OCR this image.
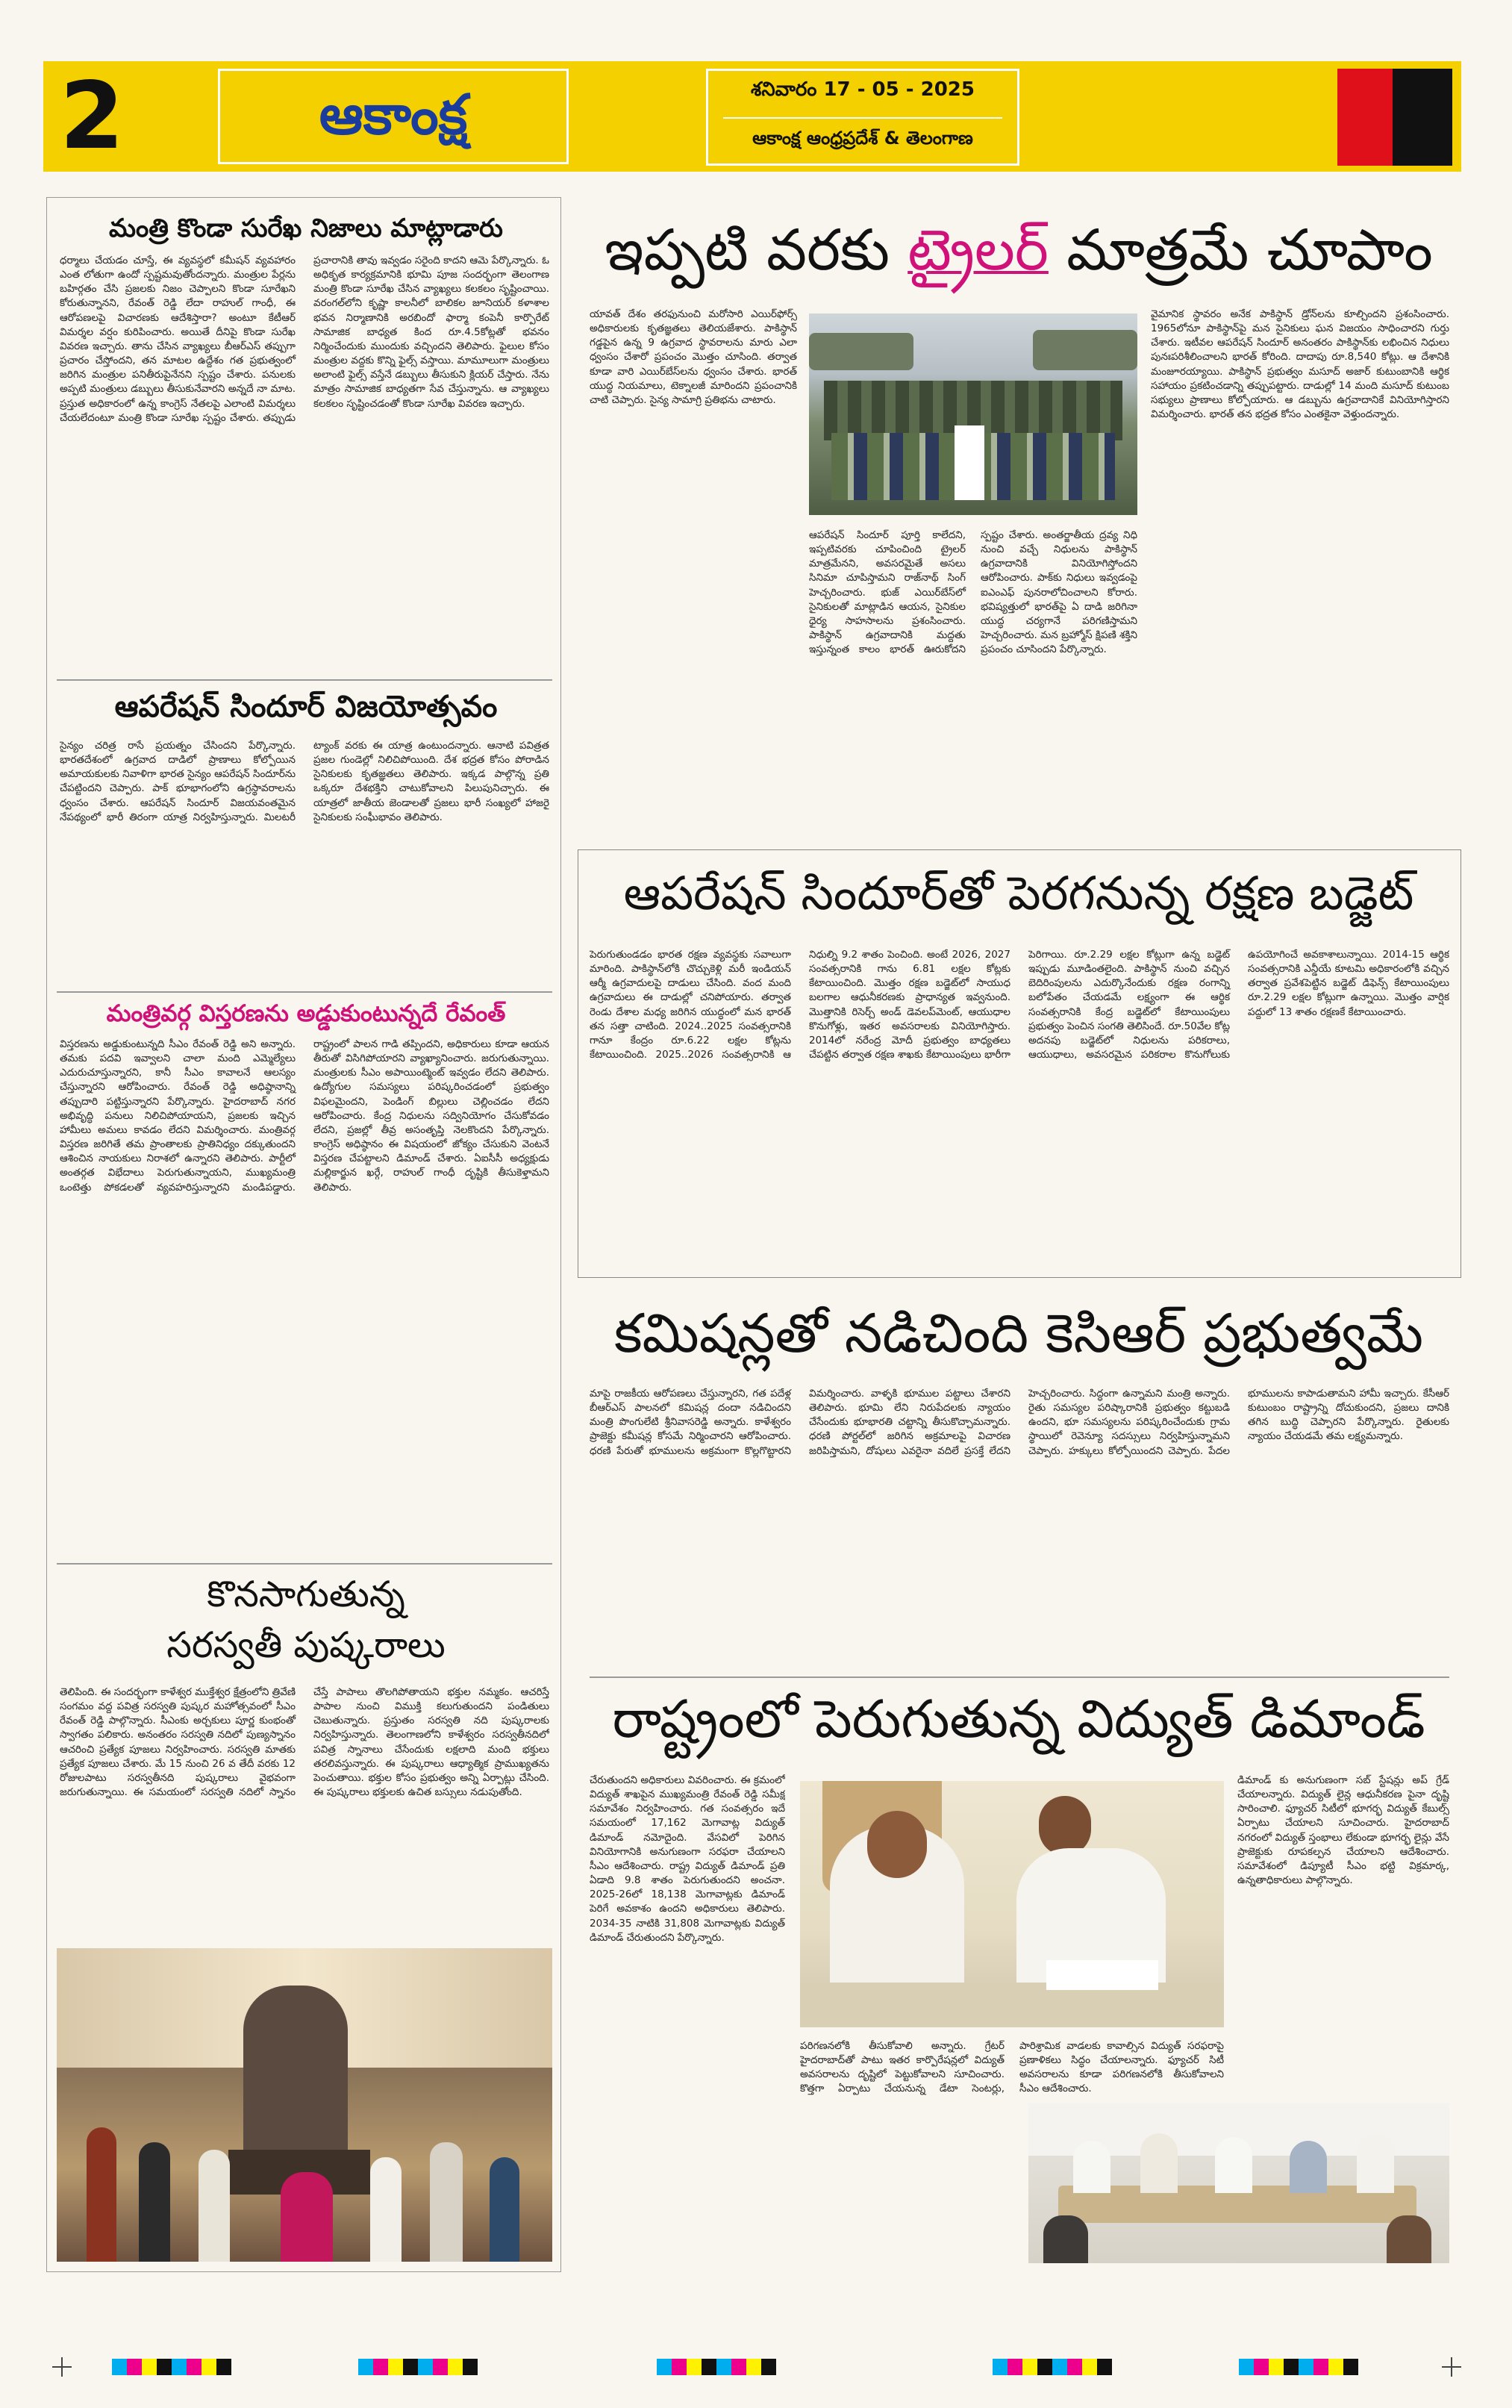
2	ఆకాంక్ష	శనివారం 17 - 05 - 2025
ఆకాంక్ష ఆంధ్రప్రదేశ్ & తెలంగాణ
మంత్రి కొండా సురేఖ నిజాలు మాట్లాడారు
ధర్మాలు చేయడం చూస్తే, ఈ వ్యవస్థలో కమీషన్ వ్యవహారం ఎంత లోతుగా ఉందో స్పష్టమవుతోందన్నారు. మంత్రుల పేర్లను బహిర్గతం చేసి ప్రజలకు నిజం చెప్పాలని కొండా సూరేఖని కోరుతున్నానని, రేవంత్ రెడ్డి లేదా రాహుల్ గాంధీ, ఈ ఆరోపణలపై విచారణకు ఆదేశిస్తారా? అంటూ కేటీఆర్ విమర్శల వర్షం కురిపించారు. అయితే దీనిపై కొండా సురేఖ వివరణ ఇచ్చారు. తాను చేసిన వ్యాఖ్యలు బీఆర్ఎస్ తప్పుగా ప్రచారం చేస్తోందని, తన మాటల ఉద్దేశం గత ప్రభుత్వంలో జరిగిన మంత్రుల పనితీరుపైనేనని స్పష్టం చేశారు. పనులకు అప్పటి మంత్రులు డబ్బులు తీసుకునేవారని అన్నదే నా మాట. ప్రస్తుత అధికారంలో ఉన్న కాంగ్రెస్ నేతలపై ఎలాంటి విమర్శలు చేయలేదంటూ మంత్రి కొండా సూరేఖ స్పష్టం చేశారు. తప్పుడు ప్రచారానికి తావు ఇవ్వడం సరైంది కాదని ఆమె పేర్కొన్నారు. ఓ అధికృత కార్యక్రమానికి భూమి పూజ సందర్భంగా తెలంగాణ మంత్రి కొండా సూరేఖ చేసిన వ్యాఖ్యలు కలకలం సృష్టించాయి. వరంగల్‌లోని కృష్ణా కాలనీలో బాలికల జూనియర్ కళాశాల భవన నిర్మాణానికి అరబిందో ఫార్మా కంపెనీ కార్పొరేట్ సామాజిక బాధ్యత కింద రూ.4.5కోట్లతో భవనం నిర్మించేందుకు ముందుకు వచ్చిందని తెలిపారు. ఫైలుల కోసం మంత్రుల వద్దకు కొన్ని ఫైల్స్ వస్తాయి. మామూలుగా మంత్రులు అలాంటి ఫైల్స్ వస్తేనే డబ్బులు తీసుకుని క్లియర్ చేస్తారు. నేను మాత్రం సామాజిక బాధ్యతగా సేవ చేస్తున్నాను. ఆ వ్యాఖ్యలు కలకలం సృష్టించడంతో కొండా సూరేఖ వివరణ ఇచ్చారు.
ఆపరేషన్ సిందూర్ విజయోత్సవం
సైన్యం చరిత్ర రాసే ప్రయత్నం చేసిందని పేర్కొన్నారు. భారతదేశంలో ఉగ్రవాద దాడిలో ప్రాణాలు కోల్పోయిన అమాయకులకు నివాళిగా భారత సైన్యం ఆపరేషన్ సిందూర్‌ను చేపట్టిందని చెప్పారు. పాక్ భూభాగంలోని ఉగ్రస్థావరాలను ధ్వంసం చేశారు. ఆపరేషన్ సిందూర్ విజయవంతమైన నేపథ్యంలో భారీ తిరంగా యాత్ర నిర్వహిస్తున్నారు. మిలటరీ ట్యాంక్ వరకు ఈ యాత్ర ఉంటుందన్నారు. ఆనాటి పవిత్రత ప్రజల గుండెల్లో నిలిచిపోయింది. దేశ భద్రత కోసం పోరాడిన సైనికులకు కృతజ్ఞతలు తెలిపారు. ఇక్కడ పాల్గొన్న ప్రతి ఒక్కరూ దేశభక్తిని చాటుకోవాలని పిలుపునిచ్చారు. ఈ యాత్రలో జాతీయ జెండాలతో ప్రజలు భారీ సంఖ్యలో హాజరై సైనికులకు సంఘీభావం తెలిపారు.
మంత్రివర్గ విస్తరణను అడ్డుకుంటున్నదే రేవంత్
విస్తరణను అడ్డుకుంటున్నది సీఎం రేవంత్ రెడ్డి అని అన్నారు. తమకు పదవి ఇవ్వాలని చాలా మంది ఎమ్మెల్యేలు ఎదురుచూస్తున్నారని, కానీ సీఎం కావాలనే ఆలస్యం చేస్తున్నారని ఆరోపించారు. రేవంత్ రెడ్డి అధిష్ఠానాన్ని తప్పుదారి పట్టిస్తున్నారని పేర్కొన్నారు. హైదరాబాద్ నగర అభివృద్ధి పనులు నిలిచిపోయాయని, ప్రజలకు ఇచ్చిన హామీలు అమలు కావడం లేదని విమర్శించారు. మంత్రివర్గ విస్తరణ జరిగితే తమ ప్రాంతాలకు ప్రాతినిధ్యం దక్కుతుందని ఆశించిన నాయకులు నిరాశలో ఉన్నారని తెలిపారు. పార్టీలో అంతర్గత విభేదాలు పెరుగుతున్నాయని, ముఖ్యమంత్రి ఒంటెత్తు పోకడలతో వ్యవహరిస్తున్నారని మండిపడ్డారు. రాష్ట్రంలో పాలన గాడి తప్పిందని, అధికారులు కూడా ఆయన తీరుతో విసిగిపోయారని వ్యాఖ్యానించారు. జరుగుతున్నాయి. మంత్రులకు సీఎం అపాయింట్మెంట్ ఇవ్వడం లేదని తెలిపారు. ఉద్యోగుల సమస్యలు పరిష్కరించడంలో ప్రభుత్వం విఫలమైందని, పెండింగ్ బిల్లులు చెల్లించడం లేదని ఆరోపించారు. కేంద్ర నిధులను సద్వినియోగం చేసుకోవడం లేదని, ప్రజల్లో తీవ్ర అసంతృప్తి నెలకొందని పేర్కొన్నారు. కాంగ్రెస్ అధిష్ఠానం ఈ విషయంలో జోక్యం చేసుకుని వెంటనే విస్తరణ చేపట్టాలని డిమాండ్ చేశారు. ఏఐసీసీ అధ్యక్షుడు మల్లికార్జున ఖర్గే, రాహుల్ గాంధీ దృష్టికి తీసుకెళ్తామని తెలిపారు.
కొనసాగుతున్న
సరస్వతీ పుష్కరాలు
తెలిపింది. ఈ సందర్భంగా కాళేశ్వర ముక్తేశ్వర క్షేత్రంలోని త్రివేణి సంగమం వద్ద పవిత్ర సరస్వతి పుష్కర మహోత్సవంలో సీఎం రేవంత్ రెడ్డి పాల్గొన్నారు. సీఎంకు అర్చకులు పూర్ణ కుంభంతో స్వాగతం పలికారు. అనంతరం సరస్వతి నదిలో పుణ్యస్నానం ఆచరించి ప్రత్యేక పూజలు నిర్వహించారు. సరస్వతి మాతకు ప్రత్యేక పూజలు చేశారు. మే 15 నుంచి 26 వ తేదీ వరకు 12 రోజులపాటు సరస్వతీనది పుష్కరాలు వైభవంగా జరుగుతున్నాయి. ఈ సమయంలో సరస్వతి నదిలో స్నానం చేస్తే పాపాలు తొలగిపోతాయని భక్తుల నమ్మకం. ఆచరిస్తే పాపాల నుంచి విముక్తి కలుగుతుందని పండితులు చెబుతున్నారు. ప్రస్తుతం సరస్వతి నది పుష్కరాలకు నిర్వహిస్తున్నారు. తెలంగాణలోని కాళేశ్వరం సరస్వతీనదిలో పవిత్ర స్నానాలు చేసేందుకు లక్షలాది మంది భక్తులు తరలివస్తున్నారు. ఈ పుష్కరాలు ఆధ్యాత్మిక ప్రాముఖ్యతను పెంచుతాయి. భక్తుల కోసం ప్రభుత్వం అన్ని ఏర్పాట్లు చేసింది. ఈ పుష్కరాలు భక్తులకు ఉచిత బస్సులు నడుపుతోంది.
ఇప్పటి వరకు ట్రైలర్ మాత్రమే చూపాం
యావత్ దేశం తరఫునుంచి మరోసారి ఎయిర్‌ఫోర్స్ అధికారులకు కృతజ్ఞతలు తెలియజేశారు. పాకిస్థాన్ గడ్డపైన ఉన్న 9 ఉగ్రవాద స్థావరాలను మారు ఎలా ధ్వంసం చేశారో ప్రపంచం మొత్తం చూసింది. తర్వాత కూడా వారి ఎయిర్‌బేస్‌లను ధ్వంసం చేశారు. భారత్ యుద్ధ నియమాలు, టెక్నాలజీ మారిందని ప్రపంచానికి చాటి చెప్పారు. సైన్య సామాగ్రి ప్రతిభను చాటారు.
ఆపరేషన్ సిందూర్ పూర్తి కాలేదని, ఇప్పటివరకు చూపించింది ట్రైలర్ మాత్రమేనని, అవసరమైతే అసలు సినిమా చూపిస్తామని రాజ్‌నాథ్ సింగ్ హెచ్చరించారు. భుజ్ ఎయిర్‌బేస్‌లో సైనికులతో మాట్లాడిన ఆయన, సైనికుల ధైర్య సాహసాలను ప్రశంసించారు. పాకిస్థాన్ ఉగ్రవాదానికి మద్దతు ఇస్తున్నంత కాలం భారత్ ఊరుకోదని స్పష్టం చేశారు. అంతర్జాతీయ ద్రవ్య నిధి నుంచి వచ్చే నిధులను పాకిస్థాన్ ఉగ్రవాదానికి వినియోగిస్తోందని ఆరోపించారు. పాక్‌కు నిధులు ఇవ్వడంపై ఐఎంఎఫ్ పునరాలోచించాలని కోరారు. భవిష్యత్తులో భారత్‌పై ఏ దాడి జరిగినా యుద్ధ చర్యగానే పరిగణిస్తామని హెచ్చరించారు. మన బ్రహ్మోస్ క్షిపణి శక్తిని ప్రపంచం చూసిందని పేర్కొన్నారు.
వైమానిక స్థావరం అనేక పాకిస్థాన్ డ్రోన్‌లను కూల్చిందని ప్రశంసించారు. 1965లోనూ పాకిస్థాన్‌పై మన సైనికులు ఘన విజయం సాధించారని గుర్తు చేశారు. ఇటీవల ఆపరేషన్ సిందూర్ అనంతరం పాకిస్థాన్‌కు లభించిన నిధులు పునఃపరిశీలించాలని భారత్ కోరింది. దాదాపు రూ.8,540 కోట్లు. ఆ దేశానికి మంజూరయ్యాయి. పాకిస్థాన్ ప్రభుత్వం మసూద్ అజార్ కుటుంబానికి ఆర్థిక సహాయం ప్రకటించడాన్ని తప్పుపట్టారు. దాడుల్లో 14 మంది మసూద్ కుటుంబ సభ్యులు ప్రాణాలు కోల్పోయారు. ఆ డబ్బును ఉగ్రవాదానికే వినియోగిస్తారని విమర్శించారు. భారత్ తన భద్రత కోసం ఎంతకైనా వెళ్తుందన్నారు.
ఆపరేషన్ సిందూర్‌తో పెరగనున్న రక్షణ బడ్జెట్
పెరుగుతుండడం భారత రక్షణ వ్యవస్థకు సవాలుగా మారింది. పాకిస్థాన్‌లోకి చొచ్చుకెళ్లి మరీ ఇండియన్ ఆర్మీ ఉగ్రవాదులపై దాడులు చేసింది. వంద మంది ఉగ్రవాదులు ఈ దాడుల్లో చనిపోయారు. తర్వాత రెండు దేశాల మధ్య జరిగిన యుద్ధంలో మన భారత్ తన సత్తా చాటింది. 2024..2025 సంవత్సరానికి గానూ కేంద్రం రూ.6.22 లక్షల కోట్లను కేటాయించింది. 2025..2026 సంవత్సరానికి ఆ నిధుల్ని 9.2 శాతం పెంచింది. అంటే 2026, 2027 సంవత్సరానికి గాను 6.81 లక్షల కోట్లకు కేటాయించింది. మొత్తం రక్షణ బడ్జెట్‌లో సాయుధ బలగాల ఆధునీకరణకు ప్రాధాన్యత ఇవ్వనుంది. మొత్తానికి రిసెర్చ్ అండ్ డెవలప్‌మెంట్, ఆయుధాల కొనుగోళ్లు, ఇతర అవసరాలకు వినియోగిస్తారు. 2014లో నరేంద్ర మోదీ ప్రభుత్వం బాధ్యతలు చేపట్టిన తర్వాత రక్షణ శాఖకు కేటాయింపులు భారీగా పెరిగాయి. రూ.2.29 లక్షల కోట్లుగా ఉన్న బడ్జెట్ ఇప్పుడు మూడింతలైంది. పాకిస్థాన్ నుంచి వచ్చిన బెదిరింపులను ఎదుర్కొనేందుకు రక్షణ రంగాన్ని బలోపేతం చేయడమే లక్ష్యంగా ఈ ఆర్థిక సంవత్సరానికి కేంద్ర బడ్జెట్‌లో కేటాయింపులు ప్రభుత్వం పెంచిన సంగతి తెలిసిందే. రూ.50వేల కోట్ల అదనపు బడ్జెట్‌లో నిధులను పరికరాలు, ఆయుధాలు, అవసరమైన పరికరాల కొనుగోలుకు ఉపయోగించే అవకాశాలున్నాయి. 2014-15 ఆర్థిక సంవత్సరానికి ఎన్డీయే కూటమి అధికారంలోకి వచ్చిన తర్వాత ప్రవేశపెట్టిన బడ్జెట్ డిఫెన్స్ కేటాయింపులు రూ.2.29 లక్షల కోట్లుగా ఉన్నాయి. మొత్తం వార్షిక పద్దులో 13 శాతం రక్షణకే కేటాయించారు.
కమిషన్లతో నడిచింది కెసిఆర్ ప్రభుత్వమే
మాపై రాజకీయ ఆరోపణలు చేస్తున్నారని, గత పదేళ్ల బీఆర్ఎస్ పాలనలో కమిషన్ల దందా నడిచిందని మంత్రి పొంగులేటి శ్రీనివాసరెడ్డి అన్నారు. కాళేశ్వరం ప్రాజెక్టు కమీషన్ల కోసమే నిర్మించారని ఆరోపించారు. ధరణి పేరుతో భూములను అక్రమంగా కొల్లగొట్టారని విమర్శించారు. వాళ్ళకి భూముల పట్టాలు చేశారని తెలిపారు. భూమి లేని నిరుపేదలకు న్యాయం చేసేందుకు భూభారతి చట్టాన్ని తీసుకొచ్చామన్నారు. ధరణి పోర్టల్‌లో జరిగిన అక్రమాలపై విచారణ జరిపిస్తామని, దోషులు ఎవరైనా వదిలే ప్రసక్తే లేదని హెచ్చరించారు. సిద్ధంగా ఉన్నామని మంత్రి అన్నారు. రైతు సమస్యల పరిష్కారానికి ప్రభుత్వం కట్టుబడి ఉందని, భూ సమస్యలను పరిష్కరించేందుకు గ్రామ స్థాయిలో రెవెన్యూ సదస్సులు నిర్వహిస్తున్నామని చెప్పారు. హక్కులు కోల్పోయిందని చెప్పారు. పేదల భూములను కాపాడుతామని హామీ ఇచ్చారు. కేసీఆర్ కుటుంబం రాష్ట్రాన్ని దోచుకుందని, ప్రజలు దానికి తగిన బుద్ధి చెప్పారని పేర్కొన్నారు. రైతులకు న్యాయం చేయడమే తమ లక్ష్యమన్నారు.
రాష్ట్రంలో పెరుగుతున్న విద్యుత్ డిమాండ్
చేరుతుందని అధికారులు వివరించారు. ఈ క్రమంలో విద్యుత్ శాఖపైన ముఖ్యమంత్రి రేవంత్ రెడ్డి సమీక్ష సమావేశం నిర్వహించారు. గత సంవత్సరం ఇదే సమయంలో 17,162 మెగావాట్ల విద్యుత్ డిమాండ్ నమోదైంది. వేసవిలో పెరిగిన వినియోగానికి అనుగుణంగా సరఫరా చేయాలని సీఎం ఆదేశించారు. రాష్ట్ర విద్యుత్ డిమాండ్ ప్రతి ఏడాది 9.8 శాతం పెరుగుతుందని అంచనా. 2025-26లో 18,138 మెగావాట్లకు డిమాండ్ పెరిగే అవకాశం ఉందని అధికారులు తెలిపారు. 2034-35 నాటికి 31,808 మెగావాట్లకు విద్యుత్ డిమాండ్ చేరుతుందని పేర్కొన్నారు.
పరిగణనలోకి తీసుకోవాలి అన్నారు. గ్రేటర్ హైదరాబాద్‌తో పాటు ఇతర కార్పొరేషన్లలో విద్యుత్ అవసరాలను దృష్టిలో పెట్టుకోవాలని సూచించారు. కొత్తగా ఏర్పాటు చేయనున్న డేటా సెంటర్లు, పారిశ్రామిక వాడలకు కావాల్సిన విద్యుత్ సరఫరాపై ప్రణాళికలు సిద్ధం చేయాలన్నారు. ఫ్యూచర్ సిటీ అవసరాలను కూడా పరిగణనలోకి తీసుకోవాలని సీఎం ఆదేశించారు.
డిమాండ్ కు అనుగుణంగా సబ్ స్టేషన్లు అప్ గ్రేడ్ చేయాలన్నారు. విద్యుత్ లైన్ల ఆధునీకరణ పైనా దృష్టి సారించాలి. ఫ్యూచర్ సిటీలో భూగర్భ విద్యుత్ కేబుల్స్ ఏర్పాటు చేయాలని సూచించారు. హైదరాబాద్ నగరంలో విద్యుత్ స్తంభాలు లేకుండా భూగర్భ లైన్లు వేసే ప్రాజెక్టుకు రూపకల్పన చేయాలని ఆదేశించారు. సమావేశంలో డిప్యూటీ సీఎం భట్టి విక్రమార్క, ఉన్నతాధికారులు పాల్గొన్నారు.
